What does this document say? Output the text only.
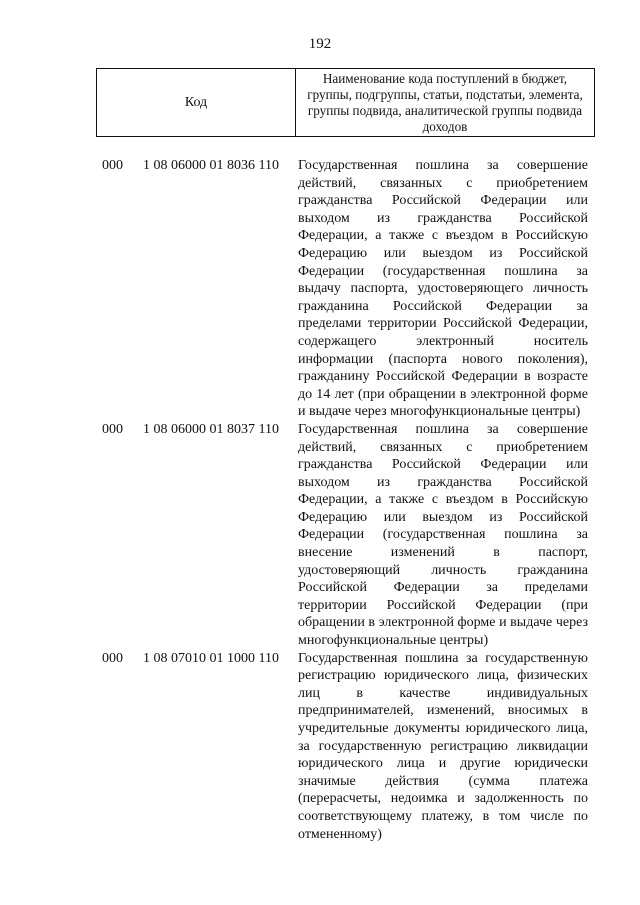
192
Код
Наименование кода поступлений в бюджет, группы, подгруппы, статьи, подстатьи, элемента, группы подвида, аналитической группы подвида доходов
000 1 08 06000 01 8036 110 Государственная пошлина за совершение действий, связанных с приобретением гражданства Российской Федерации или выходом из гражданства Российской Федерации, а также с въездом в Российскую Федерацию или выездом из Российской Федерации (государственная пошлина за выдачу паспорта, удостоверяющего личность гражданина Российской Федерации за пределами территории Российской Федерации, содержащего электронный носитель информации (паспорта нового поколения), гражданину Российской Федерации в возрасте до 14 лет (при обращении в электронной форме и выдаче через многофункциональные центры)
000 1 08 06000 01 8037 110 Государственная пошлина за совершение действий, связанных с приобретением гражданства Российской Федерации или выходом из гражданства Российской Федерации, а также с въездом в Российскую Федерацию или выездом из Российской Федерации (государственная пошлина за внесение изменений в паспорт, удостоверяющий личность гражданина Российской Федерации за пределами территории Российской Федерации (при обращении в электронной форме и выдаче через многофункциональные центры)
000 1 08 07010 01 1000 110 Государственная пошлина за государственную регистрацию юридического лица, физических лиц в качестве индивидуальных предпринимателей, изменений, вносимых в учредительные документы юридического лица, за государственную регистрацию ликвидации юридического лица и другие юридически значимые действия (сумма платежа (перерасчеты, недоимка и задолженность по соответствующему платежу, в том числе по отмененному)
